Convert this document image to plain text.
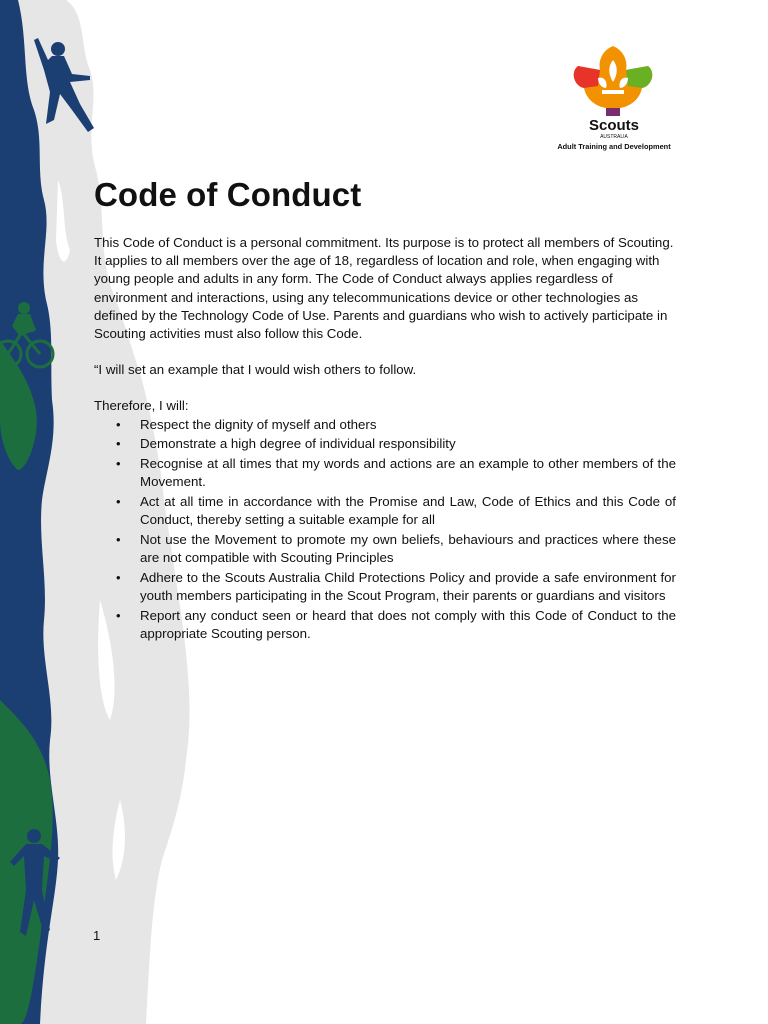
Scouts
AUSTRALIA
Adult Training and Development
Code of Conduct

This Code of Conduct is a personal commitment. Its purpose is to protect all members of Scouting. It applies to all members over the age of 18, regardless of location and role, when engaging with young people and adults in any form. The Code of Conduct always applies regardless of environment and interactions, using any telecommunications device or other technologies as defined by the Technology Code of Use. Parents and guardians who wish to actively participate in Scouting activities must also follow this Code.

“I will set an example that I would wish others to follow.

Therefore, I will:

• Respect the dignity of myself and others
• Demonstrate a high degree of individual responsibility
• Recognise at all times that my words and actions are an example to other members of the Movement.
• Act at all time in accordance with the Promise and Law, Code of Ethics and this Code of Conduct, thereby setting a suitable example for all
• Not use the Movement to promote my own beliefs, behaviours and practices where these are not compatible with Scouting Principles
• Adhere to the Scouts Australia Child Protections Policy and provide a safe environment for youth members participating in the Scout Program, their parents or guardians and visitors
• Report any conduct seen or heard that does not comply with this Code of Conduct to the appropriate Scouting person.
1
